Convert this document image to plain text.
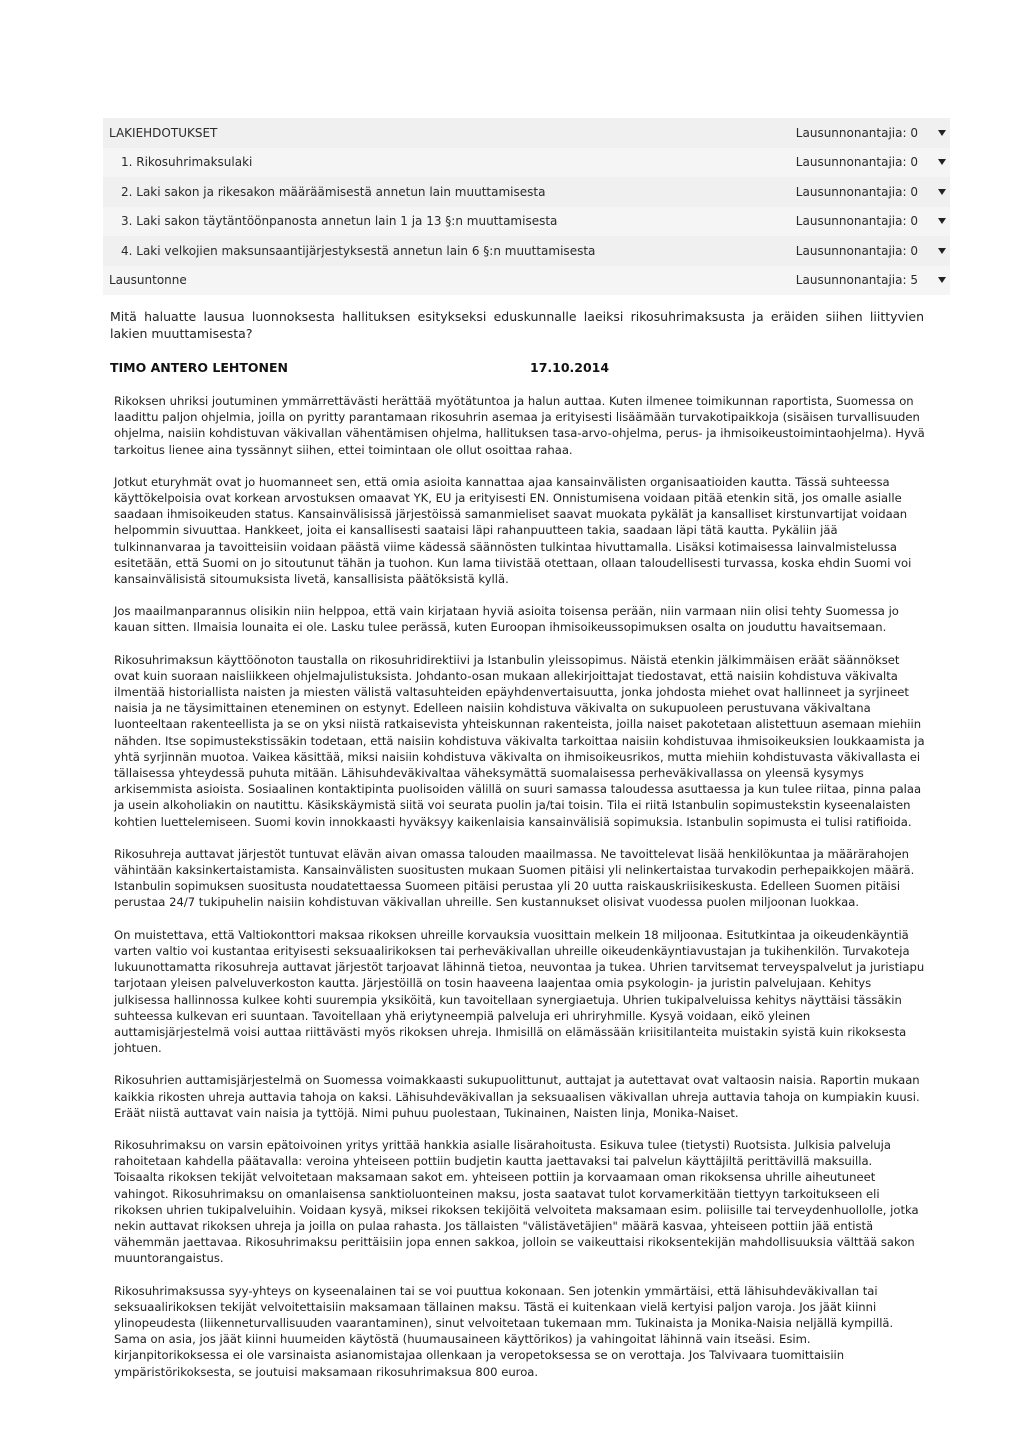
LAKIEHDOTUKSET	Lausunnonantajia: 0
1. Rikosuhrimaksulaki	Lausunnonantajia: 0
2. Laki sakon ja rikesakon määräämisestä annetun lain muuttamisesta	Lausunnonantajia: 0
3. Laki sakon täytäntöönpanosta annetun lain 1 ja 13 §:n muuttamisesta	Lausunnonantajia: 0
4. Laki velkojien maksunsaantijärjestyksestä annetun lain 6 §:n muuttamisesta	Lausunnonantajia: 0
Lausuntonne	Lausunnonantajia: 5
Mitä haluatte lausua luonnoksesta hallituksen esitykseksi eduskunnalle laeiksi rikosuhrimaksusta ja eräiden siihen liittyvien lakien muuttamisesta?
TIMO ANTERO LEHTONEN	17.10.2014

Rikoksen uhriksi joutuminen ymmärrettävästi herättää myötätuntoa ja halun auttaa. Kuten ilmenee toimikunnan raportista, Suomessa on laadittu paljon ohjelmia, joilla on pyritty parantamaan rikosuhrin asemaa ja erityisesti lisäämään turvakotipaikkoja (sisäisen turvallisuuden ohjelma, naisiin kohdistuvan väkivallan vähentämisen ohjelma, hallituksen tasa-arvo-ohjelma, perus- ja ihmisoikeustoimintaohjelma). Hyvä tarkoitus lienee aina tyssännyt siihen, ettei toimintaan ole ollut osoittaa rahaa.

Jotkut eturyhmät ovat jo huomanneet sen, että omia asioita kannattaa ajaa kansainvälisten organisaatioiden kautta. Tässä suhteessa käyttökelpoisia ovat korkean arvostuksen omaavat YK, EU ja erityisesti EN. Onnistumisena voidaan pitää etenkin sitä, jos omalle asialle saadaan ihmisoikeuden status. Kansainvälisissä järjestöissä samanmieliset saavat muokata pykälät ja kansalliset kirstunvartijat voidaan helpommin sivuuttaa. Hankkeet, joita ei kansallisesti saataisi läpi rahanpuutteen takia, saadaan läpi tätä kautta. Pykäliin jää tulkinnanvaraa ja tavoitteisiin voidaan päästä viime kädessä säännösten tulkintaa hivuttamalla. Lisäksi kotimaisessa lainvalmistelussa esitetään, että Suomi on jo sitoutunut tähän ja tuohon. Kun lama tiivistää otettaan, ollaan taloudellisesti turvassa, koska ehdin Suomi voi kansainvälisistä sitoumuksista livetä, kansallisista päätöksistä kyllä.

Jos maailmanparannus olisikin niin helppoa, että vain kirjataan hyviä asioita toisensa perään, niin varmaan niin olisi tehty Suomessa jo kauan sitten. Ilmaisia lounaita ei ole. Lasku tulee perässä, kuten Euroopan ihmisoikeussopimuksen osalta on jouduttu havaitsemaan.

Rikosuhrimaksun käyttöönoton taustalla on rikosuhridirektiivi ja Istanbulin yleissopimus. Näistä etenkin jälkimmäisen eräät säännökset ovat kuin suoraan naisliikkeen ohjelmajulistuksista. Johdanto-osan mukaan allekirjoittajat tiedostavat, että naisiin kohdistuva väkivalta ilmentää historiallista naisten ja miesten välistä valtasuhteiden epäyhdenvertaisuutta, jonka johdosta miehet ovat hallinneet ja syrjineet naisia ja ne täysimittainen eteneminen on estynyt. Edelleen naisiin kohdistuva väkivalta on sukupuoleen perustuvana väkivaltana luonteeltaan rakenteellista ja se on yksi niistä ratkaisevista yhteiskunnan rakenteista, joilla naiset pakotetaan alistettuun asemaan miehiin nähden. Itse sopimustekstissäkin todetaan, että naisiin kohdistuva väkivalta tarkoittaa naisiin kohdistuvaa ihmisoikeuksien loukkaamista ja yhtä syrjinnän muotoa. Vaikea käsittää, miksi naisiin kohdistuva väkivalta on ihmisoikeusrikos, mutta miehiin kohdistuvasta väkivallasta ei tällaisessa yhteydessä puhuta mitään. Lähisuhdeväkivaltaa väheksymättä suomalaisessa perheväkivallassa on yleensä kysymys arkisemmista asioista. Sosiaalinen kontaktipinta puolisoiden välillä on suuri samassa taloudessa asuttaessa ja kun tulee riitaa, pinna palaa ja usein alkoholiakin on nautittu. Käsikskäymistä siitä voi seurata puolin ja/tai toisin. Tila ei riitä Istanbulin sopimustekstin kyseenalaisten kohtien luettelemiseen. Suomi kovin innokkaasti hyväksyy kaikenlaisia kansainvälisiä sopimuksia. Istanbulin sopimusta ei tulisi ratifioida.

Rikosuhreja auttavat järjestöt tuntuvat elävän aivan omassa talouden maailmassa. Ne tavoittelevat lisää henkilökuntaa ja määrärahojen vähintään kaksinkertaistamista. Kansainvälisten suositusten mukaan Suomen pitäisi yli nelinkertaistaa turvakodin perhepaikkojen määrä. Istanbulin sopimuksen suositusta noudatettaessa Suomeen pitäisi perustaa yli 20 uutta raiskauskriisikeskusta. Edelleen Suomen pitäisi perustaa 24/7 tukipuhelin naisiin kohdistuvan väkivallan uhreille. Sen kustannukset olisivat vuodessa puolen miljoonan luokkaa.

On muistettava, että Valtiokonttori maksaa rikoksen uhreille korvauksia vuosittain melkein 18 miljoonaa. Esitutkintaa ja oikeudenkäyntiä varten valtio voi kustantaa erityisesti seksuaalirikoksen tai perheväkivallan uhreille oikeudenkäyntiavustajan ja tukihenkilön. Turvakoteja lukuunottamatta rikosuhreja auttavat järjestöt tarjoavat lähinnä tietoa, neuvontaa ja tukea. Uhrien tarvitsemat terveyspalvelut ja juristiapu tarjotaan yleisen palveluverkoston kautta. Järjestöillä on tosin haaveena laajentaa omia psykologin- ja juristin palvelujaan. Kehitys julkisessa hallinnossa kulkee kohti suurempia yksiköitä, kun tavoitellaan synergiaetuja. Uhrien tukipalveluissa kehitys näyttäisi tässäkin suhteessa kulkevan eri suuntaan. Tavoitellaan yhä eriytyneempiä palveluja eri uhriryhmille. Kysyä voidaan, eikö yleinen auttamisjärjestelmä voisi auttaa riittävästi myös rikoksen uhreja. Ihmisillä on elämässään kriisitilanteita muistakin syistä kuin rikoksesta johtuen.

Rikosuhrien auttamisjärjestelmä on Suomessa voimakkaasti sukupuolittunut, auttajat ja autettavat ovat valtaosin naisia. Raportin mukaan kaikkia rikosten uhreja auttavia tahoja on kaksi. Lähisuhdeväkivallan ja seksuaalisen väkivallan uhreja auttavia tahoja on kumpiakin kuusi. Eräät niistä auttavat vain naisia ja tyttöjä. Nimi puhuu puolestaan, Tukinainen, Naisten linja, Monika-Naiset.

Rikosuhrimaksu on varsin epätoivoinen yritys yrittää hankkia asialle lisärahoitusta. Esikuva tulee (tietysti) Ruotsista. Julkisia palveluja rahoitetaan kahdella päätavalla: veroina yhteiseen pottiin budjetin kautta jaettavaksi tai palvelun käyttäjiltä perittävillä maksuilla. Toisaalta rikoksen tekijät velvoitetaan maksamaan sakot em. yhteiseen pottiin ja korvaamaan oman rikoksensa uhrille aiheutuneet vahingot. Rikosuhrimaksu on omanlaisensa sanktioluonteinen maksu, josta saatavat tulot korvamerkitään tiettyyn tarkoitukseen eli rikoksen uhrien tukipalveluihin. Voidaan kysyä, miksei rikoksen tekijöitä velvoiteta maksamaan esim. poliisille tai terveydenhuollolle, jotka nekin auttavat rikoksen uhreja ja joilla on pulaa rahasta. Jos tällaisten "välistävetäjien" määrä kasvaa, yhteiseen pottiin jää entistä vähemmän jaettavaa. Rikosuhrimaksu perittäisiin jopa ennen sakkoa, jolloin se vaikeuttaisi rikoksentekijän mahdollisuuksia välttää sakon muuntorangaistus.

Rikosuhrimaksussa syy-yhteys on kyseenalainen tai se voi puuttua kokonaan. Sen jotenkin ymmärtäisi, että lähisuhdeväkivallan tai seksuaalirikoksen tekijät velvoitettaisiin maksamaan tällainen maksu. Tästä ei kuitenkaan vielä kertyisi paljon varoja. Jos jäät kiinni ylinopeudesta (liikenneturvallisuuden vaarantaminen), sinut velvoitetaan tukemaan mm. Tukinaista ja Monika-Naisia neljällä kympillä. Sama on asia, jos jäät kiinni huumeiden käytöstä (huumausaineen käyttörikos) ja vahingoitat lähinnä vain itseäsi. Esim. kirjanpitorikoksessa ei ole varsinaista asianomistajaa ollenkaan ja veropetoksessa se on verottaja. Jos Talvivaara tuomittaisiin ympäristörikoksesta, se joutuisi maksamaan rikosuhrimaksua 800 euroa.
